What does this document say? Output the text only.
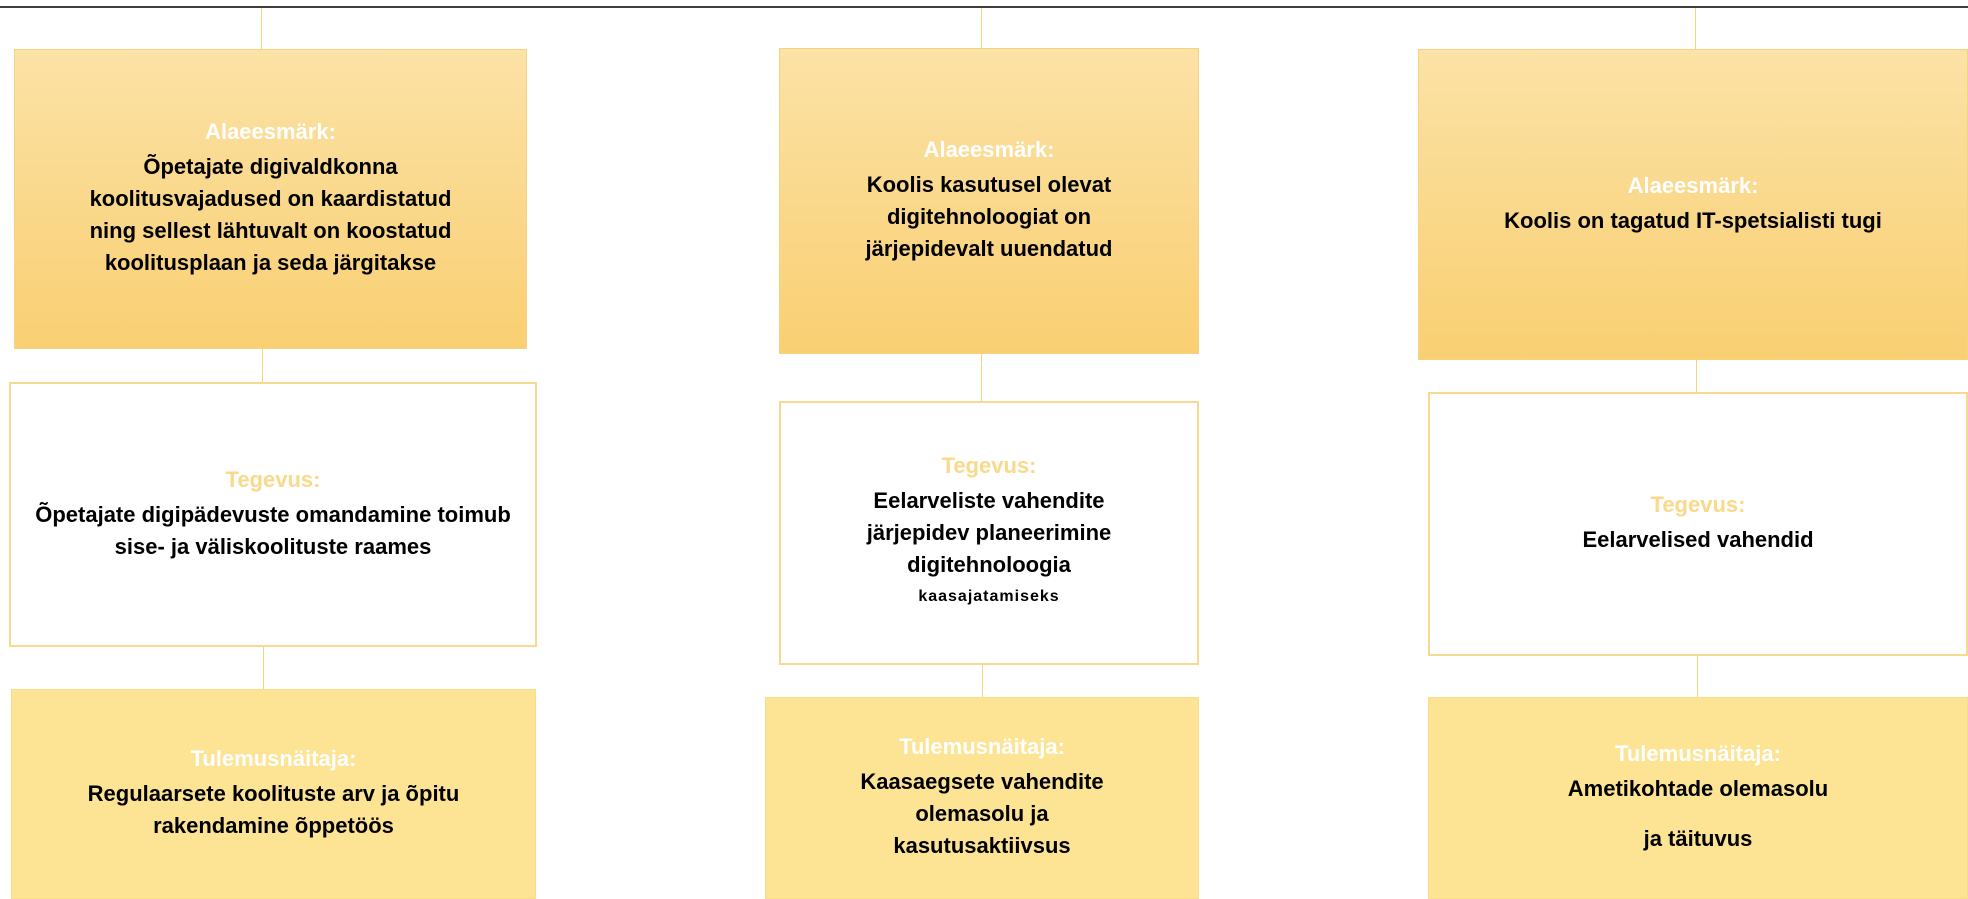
Alaeesmärk:
Õpetajate digivaldkonna koolitusvajadused on kaardistatud ning sellest lähtuvalt on koostatud koolitusplaan ja seda järgitakse
Tegevus:
Õpetajate digipädevuste omandamine toimub sise- ja väliskoolituste raames
Tulemusnäitaja:
Regulaarsete koolituste arv ja õpitu rakendamine õppetöös
Alaeesmärk:
Koolis kasutusel olevat digitehnoloogiat on järjepidevalt uuendatud
Tegevus:
Eelarveliste vahendite
järjepidev planeerimine
digitehnoloogia
kaasajatamiseks
Tulemusnäitaja:
Kaasaegsete vahendite olemasolu ja kasutusaktiivsus
Alaeesmärk:
Koolis on tagatud IT-spetsialisti tugi
Tegevus:
Eelarvelised vahendid
Tulemusnäitaja:
Ametikohtade olemasolu
ja täituvus
